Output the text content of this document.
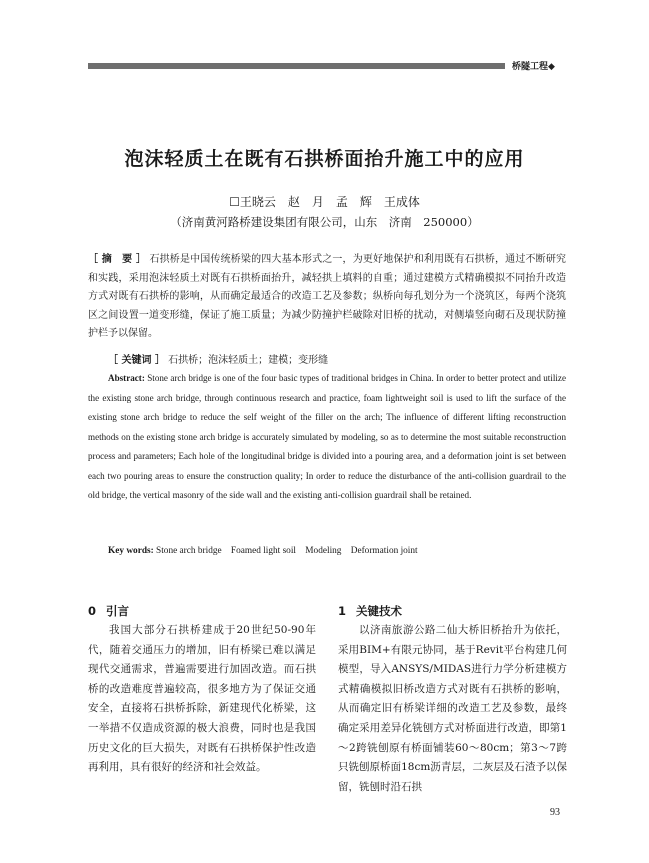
桥隧工程◆
泡沫轻质土在既有石拱桥面抬升施工中的应用
☐王晓云　赵　月　孟　辉　王成体
（济南黄河路桥建设集团有限公司，山东　济南　250000）
［ 摘　要 ］ 石拱桥是中国传统桥梁的四大基本形式之一，为更好地保护和利用既有石拱桥，通过不断研究和实践，采用泡沫轻质土对既有石拱桥面抬升，减轻拱上填料的自重；通过建模方式精确模拟不同抬升改造方式对既有石拱桥的影响，从而确定最适合的改造工艺及参数；纵桥向每孔划分为一个浇筑区，每两个浇筑区之间设置一道变形缝，保证了施工质量；为减少防撞护栏破除对旧桥的扰动，对侧墙竖向砌石及现状防撞护栏予以保留。
［ 关键词 ］ 石拱桥；泡沫轻质土；建模；变形缝
Abstract: Stone arch bridge is one of the four basic types of traditional bridges in China. In order to better protect and utilize the existing stone arch bridge, through continuous research and practice, foam lightweight soil is used to lift the surface of the existing stone arch bridge to reduce the self weight of the filler on the arch; The influence of different lifting reconstruction methods on the existing stone arch bridge is accurately simulated by modeling, so as to determine the most suitable reconstruction process and parameters; Each hole of the longitudinal bridge is divided into a pouring area, and a deformation joint is set between each two pouring areas to ensure the construction quality; In order to reduce the disturbance of the anti-collision guardrail to the old bridge, the vertical masonry of the side wall and the existing anti-collision guardrail shall be retained.
Key words: Stone arch bridge　Foamed light soil　Modeling　Deformation joint
0 引言
我国大部分石拱桥建成于20世纪50-90年代，随着交通压力的增加，旧有桥梁已难以满足现代交通需求，普遍需要进行加固改造。而石拱桥的改造难度普遍较高，很多地方为了保证交通安全，直接将石拱桥拆除，新建现代化桥梁，这一举措不仅造成资源的极大浪费，同时也是我国历史文化的巨大损失，对既有石拱桥保护性改造再利用，具有很好的经济和社会效益。
1 关键技术
以济南旅游公路二仙大桥旧桥抬升为依托，采用BIM+有限元协同，基于Revit平台构建几何模型，导入ANSYS/MIDAS进行力学分析建模方式精确模拟旧桥改造方式对既有石拱桥的影响，从而确定旧有桥梁详细的改造工艺及参数，最终确定采用差异化铣刨方式对桥面进行改造，即第1～2跨铣刨原有桥面铺装60～80cm；第3～7跨只铣刨原桥面18cm沥青层，二灰层及石渣予以保留，铣刨时沿石拱
93
